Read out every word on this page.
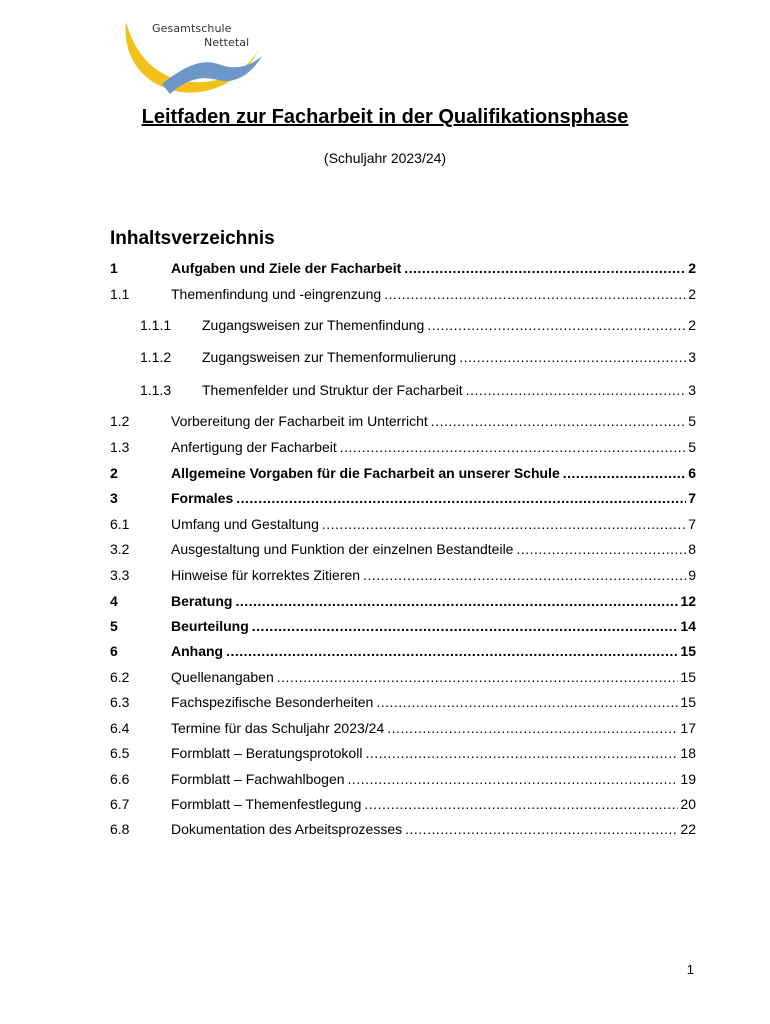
Gesamtschule
Nettetal
Leitfaden zur Facharbeit in der Qualifikationsphase
(Schuljahr 2023/24)
Inhaltsverzeichnis
1	Aufgaben und Ziele der Facharbeit .....	2
1.1	Themenfindung und -eingrenzung .....	2
1.1.1 Zugangsweisen zur Themenfindung .....	2
1.1.2 Zugangsweisen zur Themenformulierung .....	3
1.1.3 Themenfelder und Struktur der Facharbeit .....	3
1.2	Vorbereitung der Facharbeit im Unterricht .....	5
1.3	Anfertigung der Facharbeit .....	5
2	Allgemeine Vorgaben für die Facharbeit an unserer Schule .....	6
3	Formales .....	7
6.1	Umfang und Gestaltung .....	7
3.2	Ausgestaltung und Funktion der einzelnen Bestandteile .....	8
3.3	Hinweise für korrektes Zitieren .....	9
4	Beratung .....	12
5	Beurteilung .....	14
6	Anhang .....	15
6.2	Quellenangaben .....	15
6.3	Fachspezifische Besonderheiten .....	15
6.4	Termine für das Schuljahr 2023/24 .....	17
6.5	Formblatt – Beratungsprotokoll .....	18
6.6	Formblatt – Fachwahlbogen .....	19
6.7	Formblatt – Themenfestlegung .....	20
6.8	Dokumentation des Arbeitsprozesses .....	22
1
